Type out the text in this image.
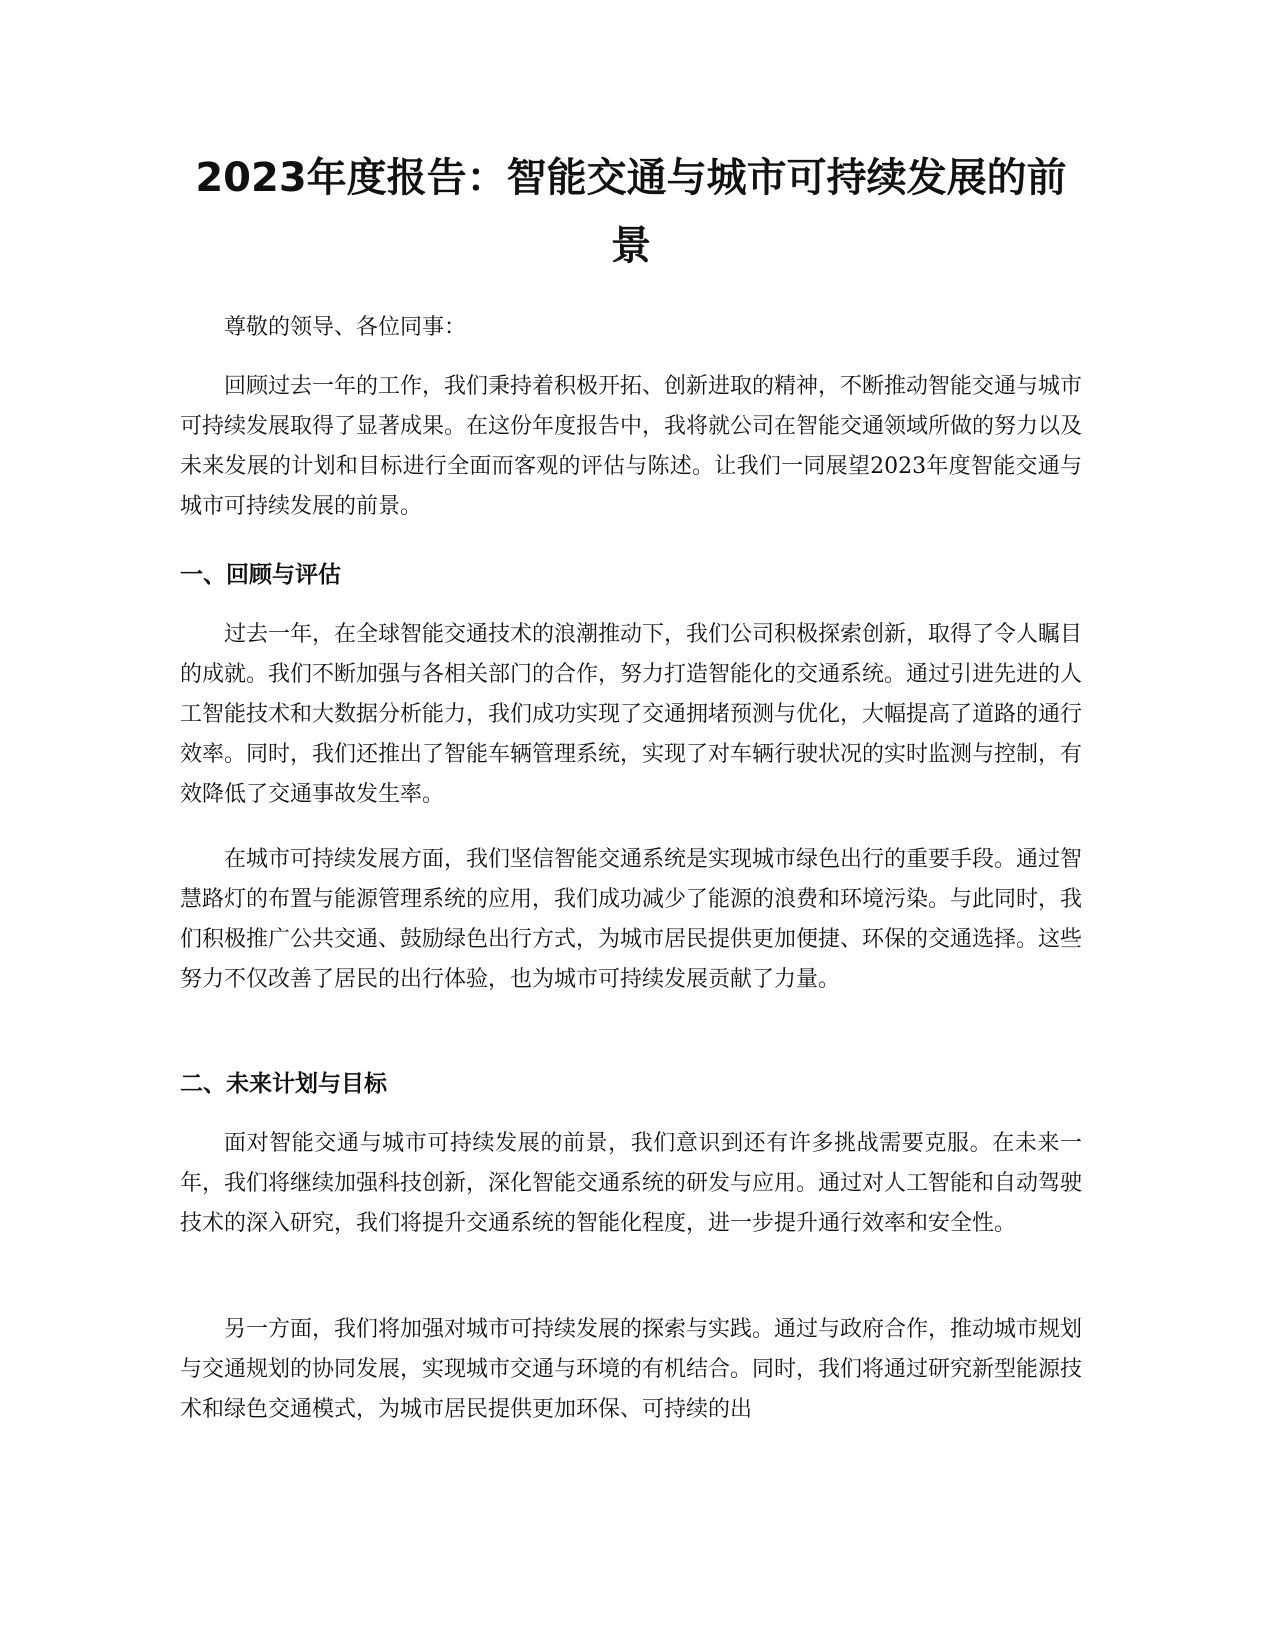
2023年度报告：智能交通与城市可持续发展的前景

尊敬的领导、各位同事：

回顾过去一年的工作，我们秉持着积极开拓、创新进取的精神，不断推动智能交通与城市可持续发展取得了显著成果。在这份年度报告中，我将就公司在智能交通领域所做的努力以及未来发展的计划和目标进行全面而客观的评估与陈述。让我们一同展望2023年度智能交通与城市可持续发展的前景。

一、回顾与评估

过去一年，在全球智能交通技术的浪潮推动下，我们公司积极探索创新，取得了令人瞩目的成就。我们不断加强与各相关部门的合作，努力打造智能化的交通系统。通过引进先进的人工智能技术和大数据分析能力，我们成功实现了交通拥堵预测与优化，大幅提高了道路的通行效率。同时，我们还推出了智能车辆管理系统，实现了对车辆行驶状况的实时监测与控制，有效降低了交通事故发生率。

在城市可持续发展方面，我们坚信智能交通系统是实现城市绿色出行的重要手段。通过智慧路灯的布置与能源管理系统的应用，我们成功减少了能源的浪费和环境污染。与此同时，我们积极推广公共交通、鼓励绿色出行方式，为城市居民提供更加便捷、环保的交通选择。这些努力不仅改善了居民的出行体验，也为城市可持续发展贡献了力量。

二、未来计划与目标

面对智能交通与城市可持续发展的前景，我们意识到还有许多挑战需要克服。在未来一年，我们将继续加强科技创新，深化智能交通系统的研发与应用。通过对人工智能和自动驾驶技术的深入研究，我们将提升交通系统的智能化程度，进一步提升通行效率和安全性。

另一方面，我们将加强对城市可持续发展的探索与实践。通过与政府合作，推动城市规划与交通规划的协同发展，实现城市交通与环境的有机结合。同时，我们将通过研究新型能源技术和绿色交通模式，为城市居民提供更加环保、可持续的出
